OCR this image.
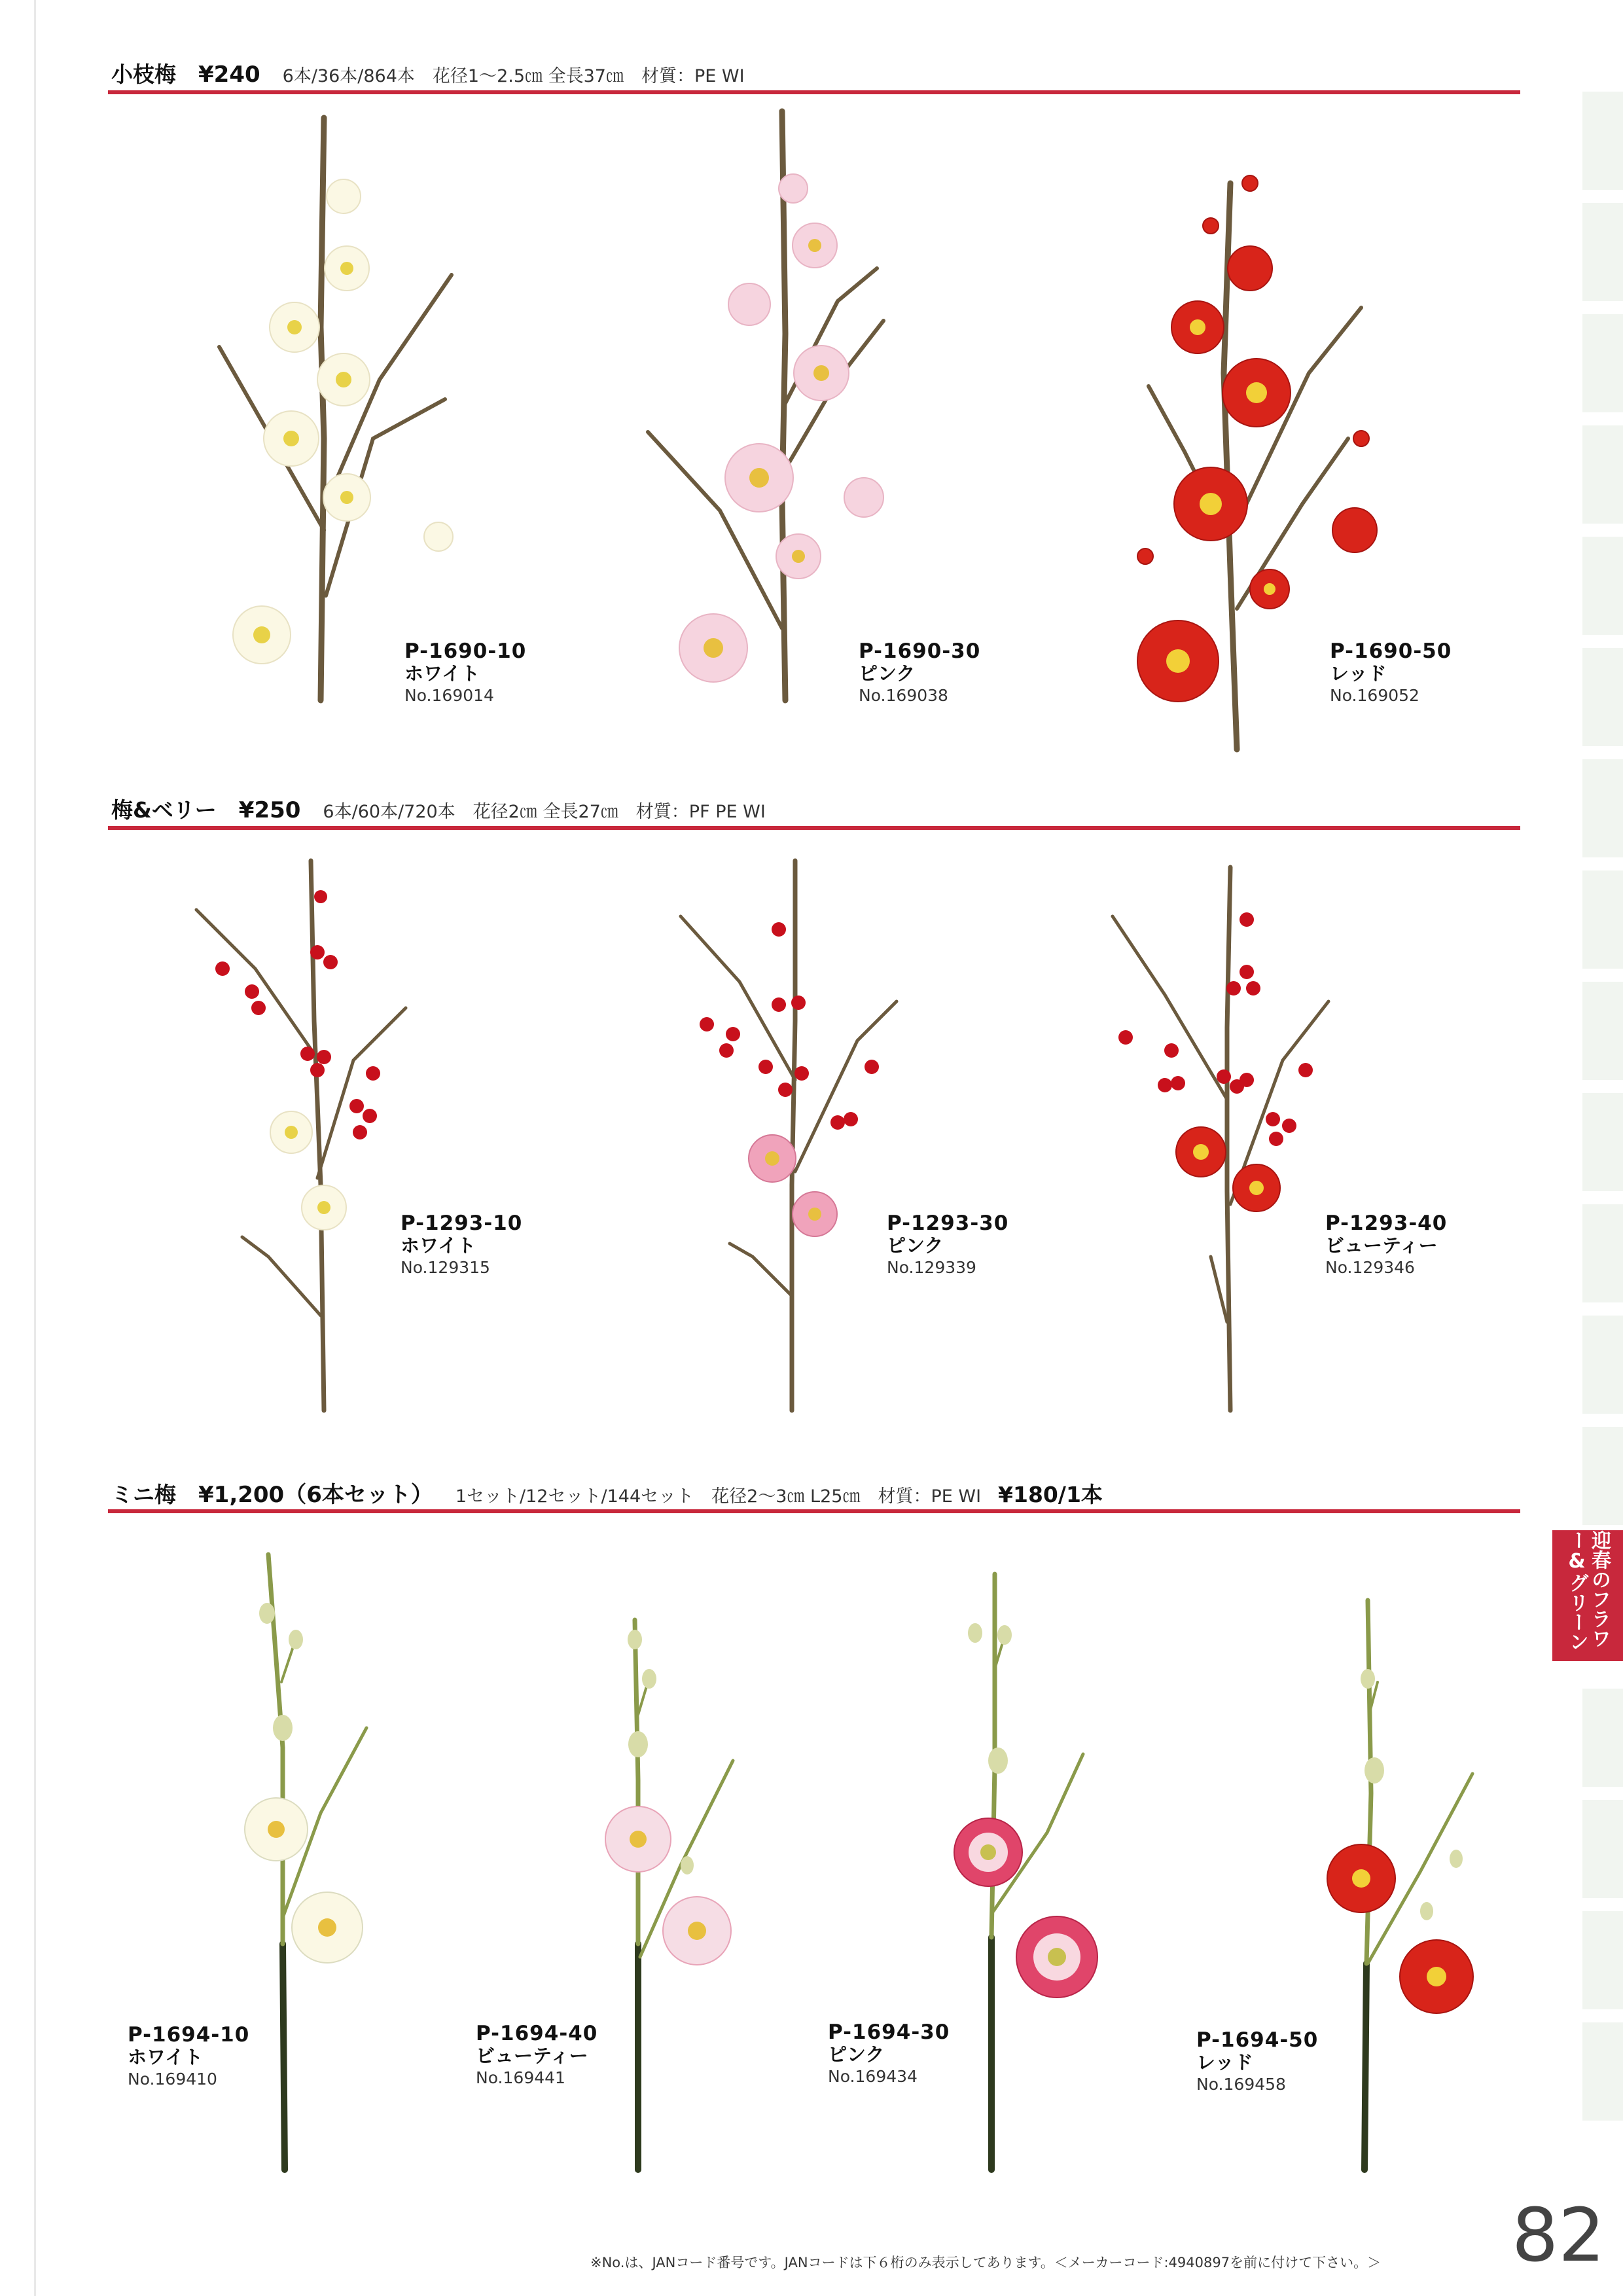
迎春のフラワー&グリーン
小枝梅 ¥240 6本/36本/864本　花径1〜2.5㎝ 全長37㎝　材質：PE WI
P-1690-10
ホワイト
No.169014
P-1690-30
ピンク
No.169038
P-1690-50
レッド
No.169052
梅&ベリー ¥250 6本/60本/720本　花径2㎝ 全長27㎝　材質：PF PE WI
P-1293-10
ホワイト
No.129315
P-1293-30
ピンク
No.129339
P-1293-40
ビューティー
No.129346
ミニ梅 ¥1,200（6本セット） 1セット/12セット/144セット　花径2〜3㎝ L25㎝　材質：PE WI ¥180/1本
P-1694-10
ホワイト
No.169410
P-1694-40
ビューティー
No.169441
P-1694-30
ピンク
No.169434
P-1694-50
レッド
No.169458
※No.は、JANコード番号です。JANコードは下６桁のみ表示してあります。＜メーカーコード:4940897を前に付けて下さい。＞ 82
